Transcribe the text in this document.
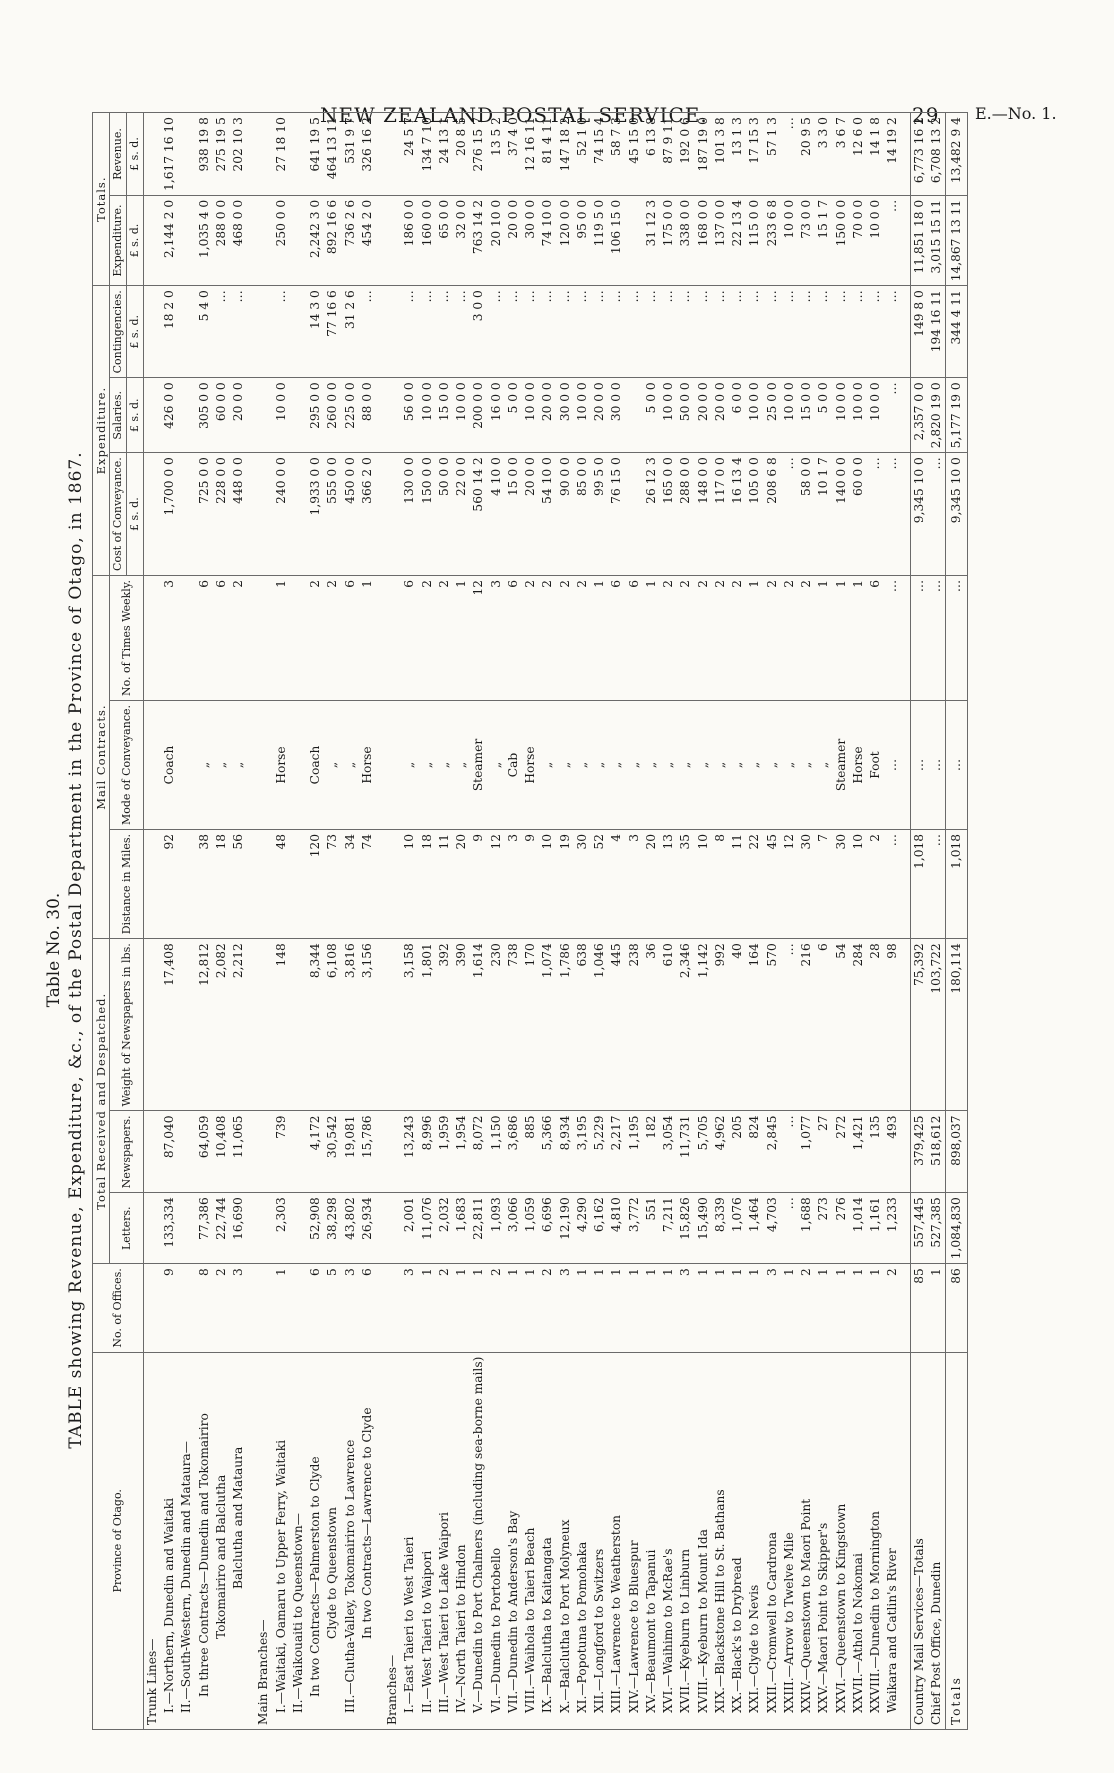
NEW ZEALAND POSTAL SERVICE.	29 E.—No. 1.
Table No. 30. TABLE showing Revenue, Expenditure, &c., of the Postal Department in the Province of Otago, in 1867.
Province of Otago.	No. of Offices.	Total Received and Despatched.			Mail Contracts.			Expenditure.			Totals.	
		Letters.	Newspapers.	Weight of Newspapers in lbs.	Distance in Miles.	Mode of Conveyance.	No. of Times Weekly.	Cost of Conveyance.	Salaries.	Contingencies.	Expenditure.	Revenue.
								£ s. d.	£ s. d.	£ s. d.	£ s. d.	£ s. d.
Trunk Lines—												
I.—Northern, Dunedin and Waitaki	9	133,334	87,040	17,408	92	Coach	3	1,700 0 0	426 0 0	18 2 0	2,144 2 0	1,617 16 10
II.—South-Western, Dunedin and Mataura—												
In three Contracts—Dunedin and Tokomairiro	8	77,386	64,059	12,812	38	„	6	725 0 0	305 0 0	5 4 0	1,035 4 0	938 19 8
Tokomairiro and Balclutha	2	22,744	10,408	2,082	18	„	6	228 0 0	60 0 0	…	288 0 0	275 19 5
Balclutha and Mataura	3	16,690	11,065	2,212	56	„	2	448 0 0	20 0 0	…	468 0 0	202 10 3

Main Branches—												
I.—Waitaki, Oamaru to Upper Ferry, Waitaki	1	2,303	739	148	48	Horse	1	240 0 0	10 0 0	…	250 0 0	27 18 10
II.—Waikouaiti to Queenstown—												
In two Contracts—Palmerston to Clyde	6	52,908	4,172	8,344	120	Coach	2	1,933 0 0	295 0 0	14 3 0	2,242 3 0	641 19 5
Clyde to Queenstown	5	38,298	30,542	6,108	73	„	2	555 0 0	260 0 0	77 16 6	892 16 6	464 13 11
III.—Clutha-Valley, Tokomairiro to Lawrence	3	43,802	19,081	3,816	34	„	6	450 0 0	225 0 0	31 2 6	736 2 6	531 9 7
In two Contracts—Lawrence to Clyde	6	26,934	15,786	3,156	74	Horse	1	366 2 0	88 0 0	…	454 2 0	326 16 2

Branches—												
I.—East Taieri to West Taieri	3	2,001	13,243	3,158	10	„	6	130 0 0	56 0 0	…	186 0 0	24 5 7
II.—West Taieri to Waipori	1	11,076	8,996	1,801	18	„	2	150 0 0	10 0 0	…	160 0 0	134 7 10
III.—West Taieri to Lake Waipori	2	2,032	1,959	392	11	„	2	50 0 0	15 0 0	…	65 0 0	24 13 1
IV.—North Taieri to Hindon	1	1,683	1,954	390	20	„	1	22 0 0	10 0 0	…	32 0 0	20 8 5
V.—Dunedin to Port Chalmers (including sea-borne mails)	1	22,811	8,072	1,614	9	Steamer	12	560 14 2	200 0 0	3 0 0	763 14 2	276 15 7
VI.—Dunedin to Portobello	2	1,093	1,150	230	12	„	3	4 10 0	16 0 0	…	20 10 0	13 5 2
VII.—Dunedin to Anderson's Bay	1	3,066	3,686	738	3	Cab	6	15 0 0	5 0 0	…	20 0 0	37 4 0
VIII.—Waihola to Taieri Beach	1	1,059	885	170	9	Horse	2	20 0 0	10 0 0	…	30 0 0	12 16 11
IX.—Balclutha to Kaitangata	2	6,696	5,366	1,074	10	„	2	54 10 0	20 0 0	…	74 10 0	81 4 11
X.—Balclutha to Port Molyneux	3	12,190	8,934	1,786	19	„	2	90 0 0	30 0 0	…	120 0 0	147 18 2
XI.—Popotuna to Pomohaka	1	4,290	3,195	638	30	„	2	85 0 0	10 0 0	…	95 0 0	52 1 0
XII.—Longford to Switzers	1	6,162	5,229	1,046	52	„	1	99 5 0	20 0 0	…	119 5 0	74 15 4
XIII.—Lawrence to Weatherston	1	4,810	2,217	445	4	„	6	76 15 0	30 0 0	…	106 15 0	58 7 3
XIV.—Lawrence to Bluespur	1	3,772	1,195	238	3	„	6			…		45 15 0
XV.—Beaumont to Tapanui	1	551	182	36	20	„	1	26 12 3	5 0 0	…	31 12 3	6 13 8
XVI.—Waihimo to McRae's	1	7,211	3,054	610	13	„	2	165 0 0	10 0 0	…	175 0 0	87 9 11
XVII.—Kyeburn to Linburn	3	15,826	11,731	2,346	35	„	2	288 0 0	50 0 0	…	338 0 0	192 0 6
XVIII.—Kyeburn to Mount Ida	1	15,490	5,705	1,142	10	„	2	148 0 0	20 0 0	…	168 0 0	187 19 0
XIX.—Blackstone Hill to St. Bathans	1	8,339	4,962	992	8	„	2	117 0 0	20 0 0	…	137 0 0	101 3 8
XX.—Black's to Drybread	1	1,076	205	40	11	„	2	16 13 4	6 0 0	…	22 13 4	13 1 3
XXI.—Clyde to Nevis	1	1,464	824	164	22	„	1	105 0 0	10 0 0	…	115 0 0	17 15 3
XXII.—Cromwell to Cardrona	3	4,703	2,845	570	45	„	2	208 6 8	25 0 0	…	233 6 8	57 1 3
XXIII.—Arrow to Twelve Mile	1	…	…	…	12	„	2	…	10 0 0	…	10 0 0	…
XXIV.—Queenstown to Maori Point	2	1,688	1,077	216	30	„	2	58 0 0	15 0 0	…	73 0 0	20 9 5
XXV.—Maori Point to Skipper's	1	273	27	6	7	„	1	10 1 7	5 0 0	…	15 1 7	3 3 0
XXVI.—Queenstown to Kingstown	1	276	272	54	30	Steamer	1	140 0 0	10 0 0	…	150 0 0	3 6 7
XXVII.—Athol to Nokomai	1	1,014	1,421	284	10	Horse	1	60 0 0	10 0 0	…	70 0 0	12 6 0
XXVIII.—Dunedin to Mornington	1	1,161	135	28	2	Foot	6	…	10 0 0	…	10 0 0	14 1 8
Waikara and Catlin's River	2	1,233	493	98	…	…	…	…	…	…	…	14 19 2

Country Mail Services—Totals	85	557,445	379,425	75,392	1,018	…	…	9,345 10 0	2,357 0 0	149 8 0	11,851 18 0	6,773 16 2
Chief Post Office, Dunedin	1	527,385	518,612	103,722	…	…	…	…	2,820 19 0	194 16 11	3,015 15 11	6,708 13 2
Totals	86	1,084,830	898,037	180,114	1,018	…	…	9,345 10 0	5,177 19 0	344 4 11	14,867 13 11	13,482 9 4
